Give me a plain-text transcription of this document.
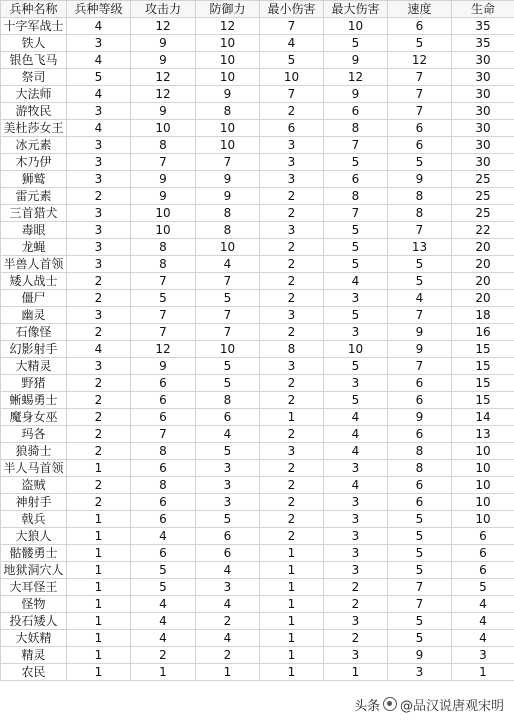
兵种名称	兵种等级	攻击力	防御力	最小伤害	最大伤害	速度	生命
十字军战士	4	12	12	7	10	6	35
铁人	3	9	10	4	5	5	35
银色飞马	4	9	10	5	9	12	30
祭司	5	12	10	10	12	7	30
大法师	4	12	9	7	9	7	30
游牧民	3	9	8	2	6	7	30
美杜莎女王	4	10	10	6	8	6	30
冰元素	3	8	10	3	7	6	30
木乃伊	3	7	7	3	5	5	30
狮鹫	3	9	9	3	6	9	25
雷元素	2	9	9	2	8	8	25
三首猎犬	3	10	8	2	7	8	25
毒眼	3	10	8	3	5	7	22
龙蝇	3	8	10	2	5	13	20
半兽人首领	3	8	4	2	5	5	20
矮人战士	2	7	7	2	4	5	20
僵尸	2	5	5	2	3	4	20
幽灵	3	7	7	3	5	7	18
石像怪	2	7	7	2	3	9	16
幻影射手	4	12	10	8	10	9	15
大精灵	3	9	5	3	5	7	15
野猪	2	6	5	2	3	6	15
蜥蜴勇士	2	6	8	2	5	6	15
魔身女巫	2	6	6	1	4	9	14
玛各	2	7	4	2	4	6	13
狼骑士	2	8	5	3	4	8	10
半人马首领	1	6	3	2	3	8	10
盗贼	2	8	3	2	4	6	10
神射手	2	6	3	2	3	6	10
戟兵	1	6	5	2	3	5	10
大狼人	1	4	6	2	3	5	6
骷髅勇士	1	6	6	1	3	5	6
地狱洞穴人	1	5	4	1	3	5	6
大耳怪王	1	5	3	1	2	7	5
怪物	1	4	4	1	2	7	4
投石矮人	1	4	2	1	3	5	4
大妖精	1	4	4	1	2	5	4
精灵	1	2	2	1	3	9	3
农民	1	1	1	1	1	3	1
头条 @品汉说唐观宋明
